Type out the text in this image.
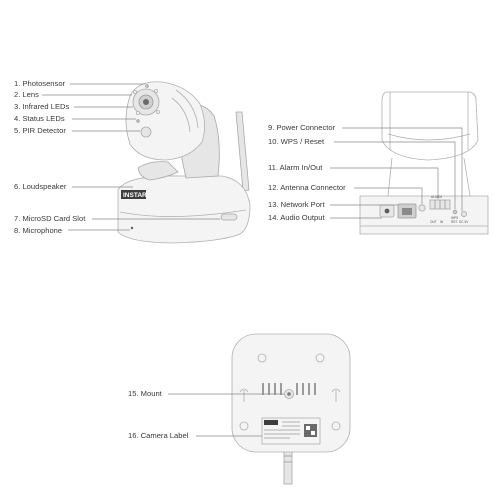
INSTAR
1. Photosensor
2. Lens
3. Infrared LEDs
4. Status LEDs
5. PIR Detector
6. Loudspeaker
7. MicroSD Card Slot
8. Microphone
ALARM
OUT IN
WPS
RST DC 5V
9. Power Connector
10. WPS / Reset
11. Alarm In/Out
12. Antenna Connector
13. Network Port
14. Audio Output
15. Mount
16. Camera Label
